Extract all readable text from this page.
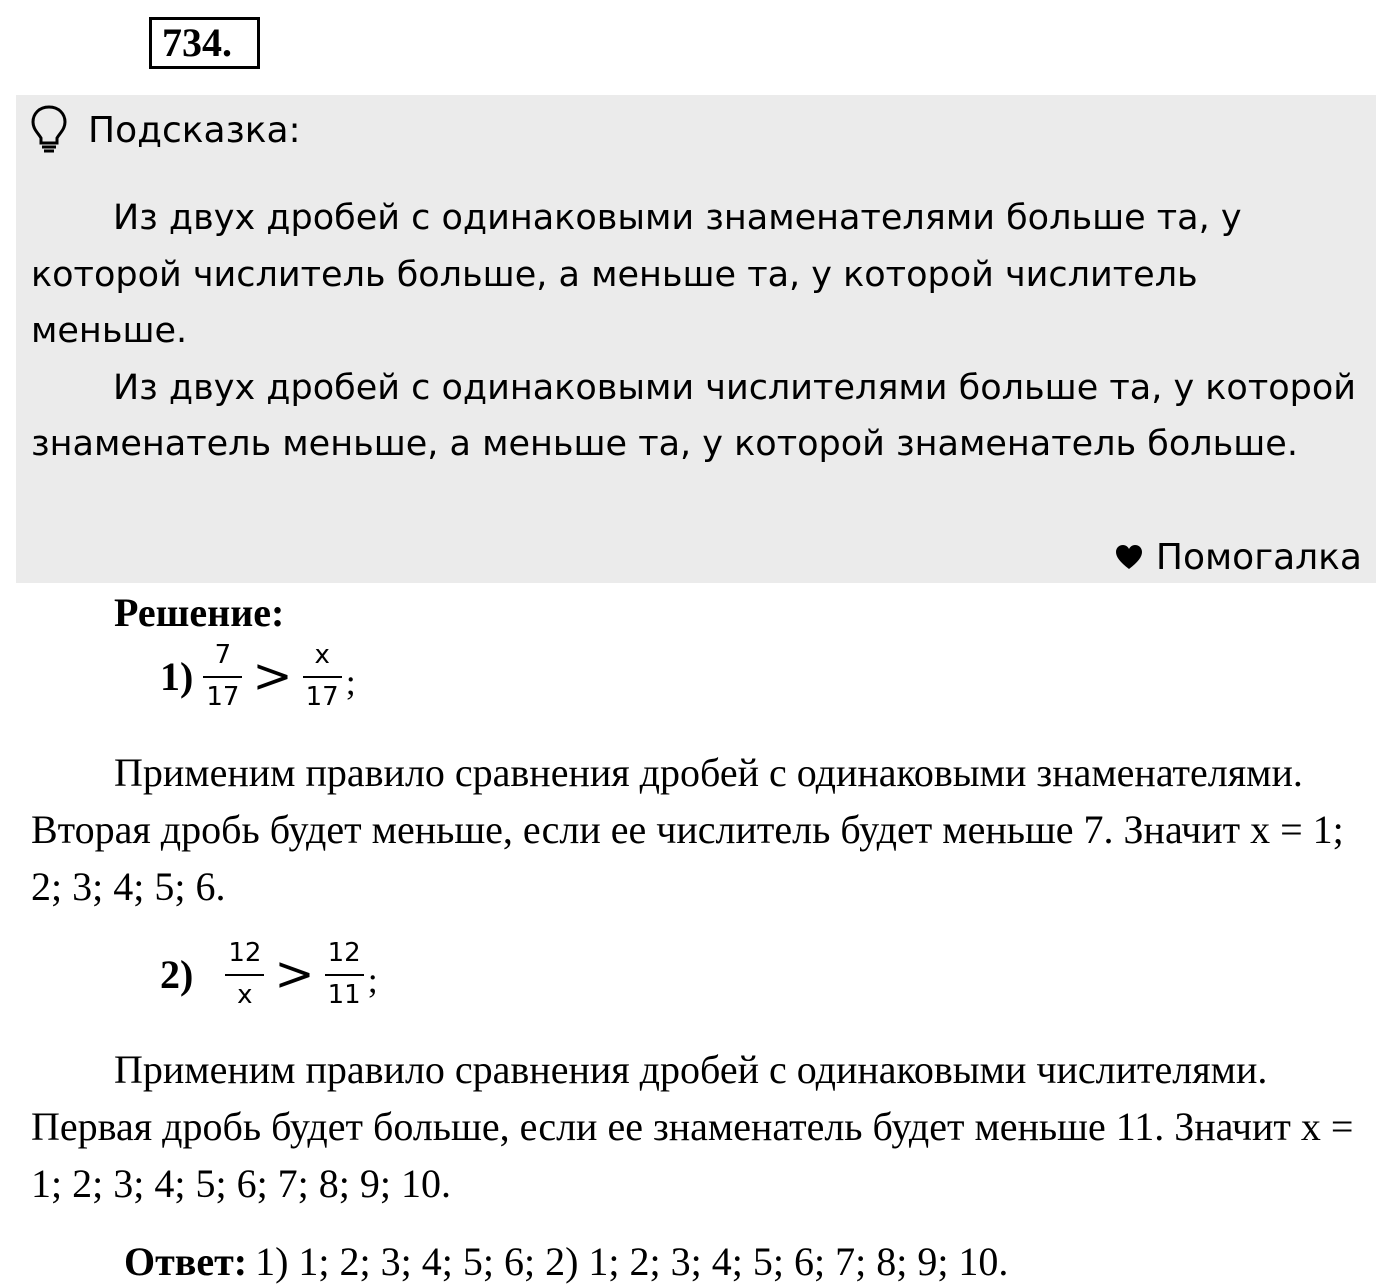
734.
Подсказка:

Из двух дробей с одинаковыми знаменателями больше та, у которой числитель больше, а меньше та, у которой числитель меньше.

Из двух дробей с одинаковыми числителями больше та, у которой знаменатель меньше, а меньше та, у которой знаменатель больше.

Помогалка
Решение:
$1) \frac{7}{17} > \frac{x}{17}$ ;

Применим правило сравнения дробей с одинаковыми знаменателями. Вторая дробь будет меньше, если ее числитель будет меньше 7. Значит x = 1; 2; 3; 4; 5; 6.

$2) \frac{12}{x} > \frac{12}{11}$ ;

Применим правило сравнения дробей с одинаковыми числителями. Первая дробь будет больше, если ее знаменатель будет меньше 11. Значит x = 1; 2; 3; 4; 5; 6; 7; 8; 9; 10.

Ответ: 1) 1; 2; 3; 4; 5; 6; 2) 1; 2; 3; 4; 5; 6; 7; 8; 9; 10.
